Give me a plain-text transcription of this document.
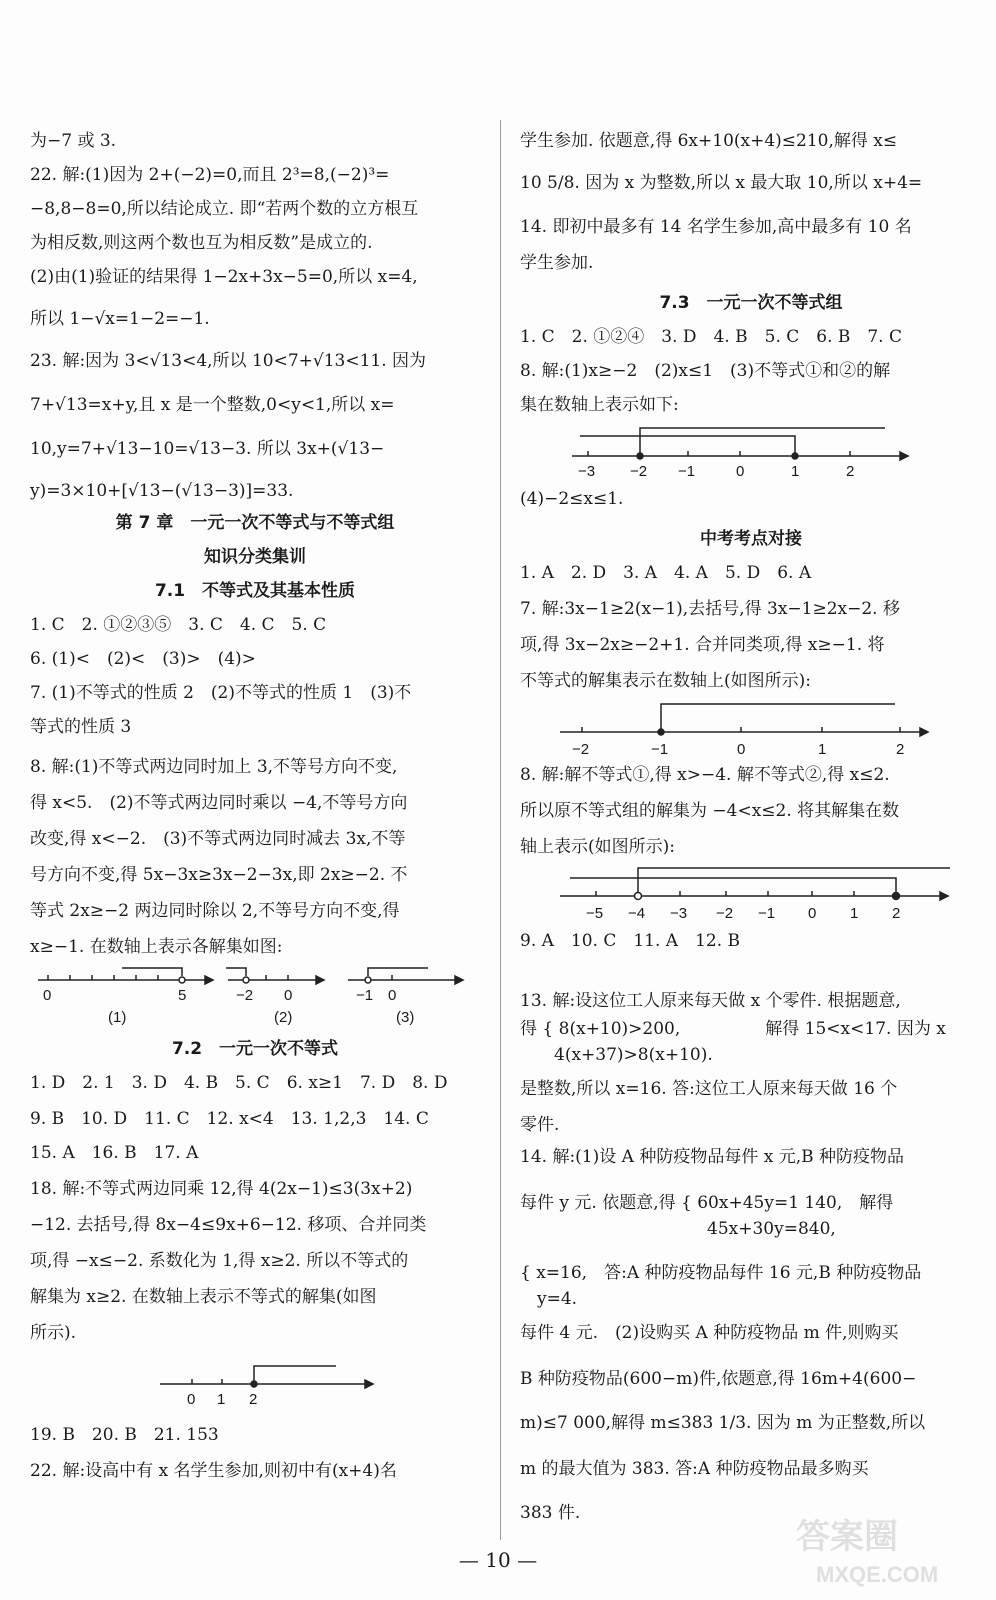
为−7 或 3.
22. 解:(1)因为 2+(−2)=0,而且 2³=8,(−2)³=
−8,8−8=0,所以结论成立. 即“若两个数的立方根互
为相反数,则这两个数也互为相反数”是成立的.
(2)由(1)验证的结果得 1−2x+3x−5=0,所以 x=4,
所以 1−√x=1−2=−1.
23. 解:因为 3<√13<4,所以 10<7+√13<11. 因为
7+√13=x+y,且 x 是一个整数,0<y<1,所以 x=
10,y=7+√13−10=√13−3. 所以 3x+(√13−
y)=3×10+[√13−(√13−3)]=33.
第 7 章　一元一次不等式与不等式组
知识分类集训
7.1　不等式及其基本性质
1. C　2. ①②③⑤　3. C　4. C　5. C
6. (1)<　(2)<　(3)>　(4)>
7. (1)不等式的性质 2　(2)不等式的性质 1　(3)不
等式的性质 3
8. 解:(1)不等式两边同时加上 3,不等号方向不变,
得 x<5.　(2)不等式两边同时乘以 −4,不等号方向
改变,得 x<−2.　(3)不等式两边同时减去 3x,不等
号方向不变,得 5x−3x≥3x−2−3x,即 2x≥−2. 不
等式 2x≥−2 两边同时除以 2,不等号方向不变,得
x≥−1. 在数轴上表示各解集如图:
0	5
(1)
−2 0
(2)
−1 0
(3)
7.2　一元一次不等式
1. D　2. 1　3. D　4. B　5. C　6. x≥1　7. D　8. D
9. B　10. D　11. C　12. x<4　13. 1,2,3　14. C
15. A　16. B　17. A
18. 解:不等式两边同乘 12,得 4(2x−1)≤3(3x+2)
−12. 去括号,得 8x−4≤9x+6−12. 移项、合并同类
项,得 −x≤−2. 系数化为 1,得 x≥2. 所以不等式的
解集为 x≥2. 在数轴上表示不等式的解集(如图
所示).
0 1 2
19. B　20. B　21. 153
22. 解:设高中有 x 名学生参加,则初中有(x+4)名
学生参加. 依题意,得 6x+10(x+4)≤210,解得 x≤
10 5/8. 因为 x 为整数,所以 x 最大取 10,所以 x+4=
14. 即初中最多有 14 名学生参加,高中最多有 10 名
学生参加.
7.3　一元一次不等式组
1. C　2. ①②④　3. D　4. B　5. C　6. B　7. C
8. 解:(1)x≥−2　(2)x≤1　(3)不等式①和②的解
集在数轴上表示如下:
−3 −2 −1	0	1	2
(4)−2≤x≤1.
中考考点对接
1. A　2. D　3. A　4. A　5. D　6. A
7. 解:3x−1≥2(x−1),去括号,得 3x−1≥2x−2. 移
项,得 3x−2x≥−2+1. 合并同类项,得 x≥−1. 将
不等式的解集表示在数轴上(如图所示):
−2	−1	0	1	2
8. 解:解不等式①,得 x>−4. 解不等式②,得 x≤2.
所以原不等式组的解集为 −4<x≤2. 将其解集在数
轴上表示(如图所示):
−5 −4 −3 −2 −1 0 1 2
9. A　10. C　11. A　12. B
13. 解:设这位工人原来每天做 x 个零件. 根据题意,
得 { 8(x+10)>200,　　　　　解得 15<x<17. 因为 x
　　4(x+37)>8(x+10).
是整数,所以 x=16. 答:这位工人原来每天做 16 个
零件.
14. 解:(1)设 A 种防疫物品每件 x 元,B 种防疫物品
每件 y 元. 依题意,得 { 60x+45y=1 140,　解得
　　　　　　　　　　　45x+30y=840,
{ x=16,　答:A 种防疫物品每件 16 元,B 种防疫物品
　y=4.
每件 4 元.　(2)设购买 A 种防疫物品 m 件,则购买
B 种防疫物品(600−m)件,依题意,得 16m+4(600−
m)≤7 000,解得 m≤383 1/3. 因为 m 为正整数,所以
m 的最大值为 383. 答:A 种防疫物品最多购买
383 件.
— 10 —
答案圈
MXQE.COM
